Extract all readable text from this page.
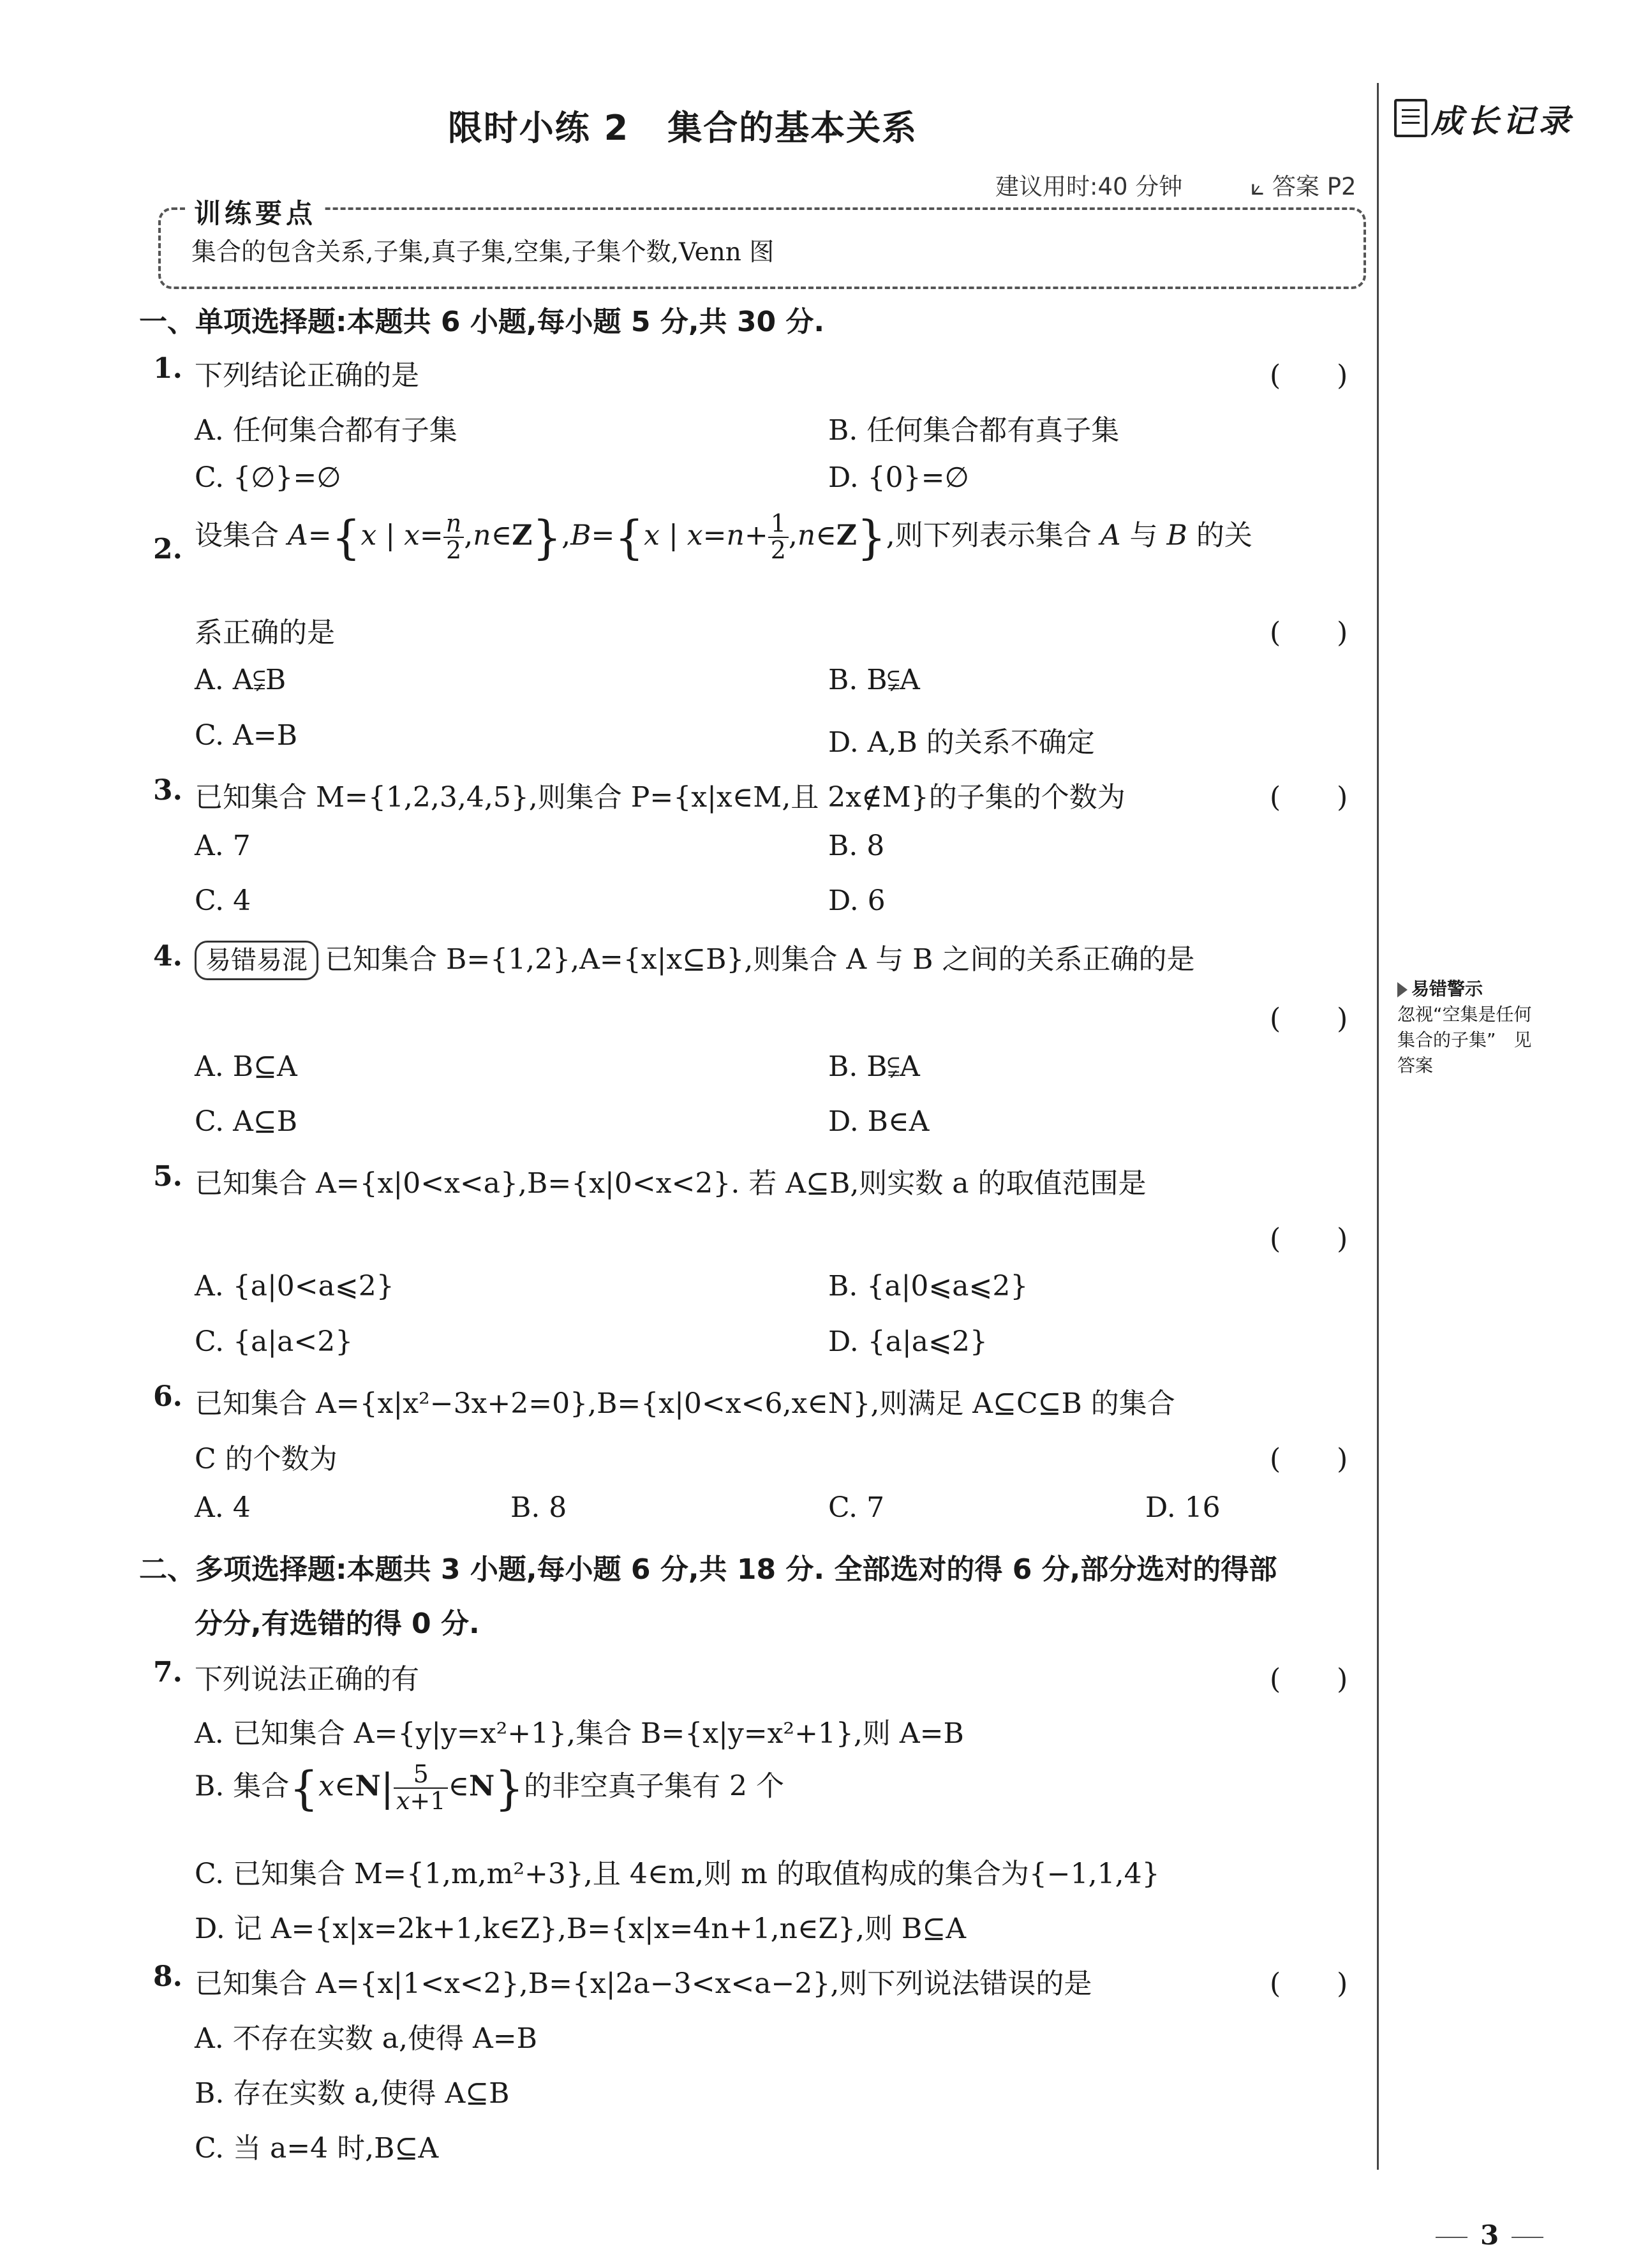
限时小练 2 集合的基本关系
建议用时:40 分钟	⟀ 答案 P2
成长记录
训练要点
集合的包含关系,子集,真子集,空集,子集个数,Venn 图
一、单项选择题:本题共 6 小题,每小题 5 分,共 30 分.
1. 下列结论正确的是	(　　)
A. 任何集合都有子集	B. 任何集合都有真子集
C. {∅}=∅	D. {0}=∅
2. 设集合 A={x | $x= \frac{n}{2}$ ,n∈Z},B={x | $x=n+ \frac{1}{2}$ ,n∈Z},则下列表示集合 A 与 B 的关
系正确的是	(　　)
A. A⫋B	B. B⫋A
C. A=B	D. A,B 的关系不确定
3. 已知集合 M={1,2,3,4,5},则集合 P={x|x∈M,且 2x∉M}的子集的个数为	(　　)
A. 7	B. 8
C. 4	D. 6
4. 易错易混 已知集合 B={1,2},A={x|x⊆B},则集合 A 与 B 之间的关系正确的是
(　　)
A. B⊆A	B. B⫋A
C. A⊆B	D. B∈A
5. 已知集合 A={x|0<x<a},B={x|0<x<2}. 若 A⊆B,则实数 a 的取值范围是
(　　)
A. {a|0<a⩽2}	B. {a|0⩽a⩽2}
C. {a|a<2}	D. {a|a⩽2}
6. 已知集合 A={x|x²−3x+2=0},B={x|0<x<6,x∈N},则满足 A⊆C⊆B 的集合
C 的个数为	(　　)
A. 4	B. 8	C. 7	D. 16
二、多项选择题:本题共 3 小题,每小题 6 分,共 18 分. 全部选对的得 6 分,部分选对的得部
分分,有选错的得 0 分.
7. 下列说法正确的有	(　　)
A. 已知集合 A={y|y=x²+1},集合 B={x|y=x²+1},则 A=B
B. 集合{x∈N| $\frac{5}{x+1}$ ∈N}的非空真子集有 2 个
C. 已知集合 M={1,m,m²+3},且 4∈m,则 m 的取值构成的集合为{−1,1,4}
D. 记 A={x|x=2k+1,k∈Z},B={x|x=4n+1,n∈Z},则 B⊆A
8. 已知集合 A={x|1<x<2},B={x|2a−3<x<a−2},则下列说法错误的是	(　　)
A. 不存在实数 a,使得 A=B
B. 存在实数 a,使得 A⊆B
C. 当 a=4 时,B⊆A
易错警示
忽视“空集是任何
集合的子集”　见
答案
3
